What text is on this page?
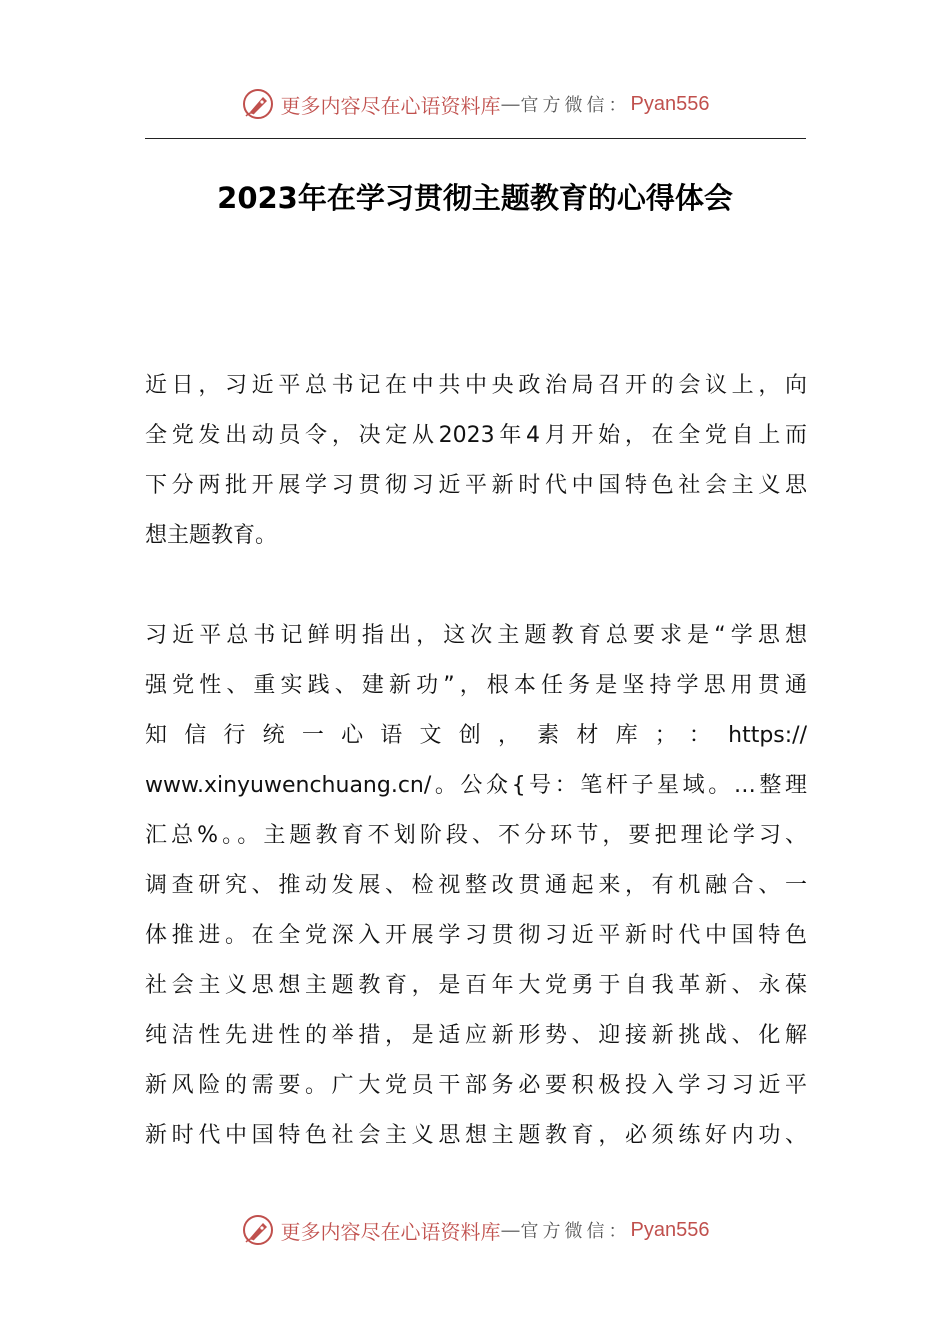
更多内容尽在心语资料库 — 官方微信： Pyan556
2023年在学习贯彻主题教育的心得体会
近日，习近平总书记在中共中央政治局召开的会议上，向
全党发出动员令，决定从2023年4月开始，在全党自上而
下分两批开展学习贯彻习近平新时代中国特色社会主义思
想主题教育。
习近平总书记鲜明指出，这次主题教育总要求是“学思想
强党性、重实践、建新功”，根本任务是坚持学思用贯通
知 信 行 统 一 心 语 文 创 ， 素 材 库 ； ： https://
www.xinyuwenchuang.cn/。公众{号：笔杆子星域。…整理
汇总%。。主题教育不划阶段、不分环节，要把理论学习、
调查研究、推动发展、检视整改贯通起来，有机融合、一
体推进。在全党深入开展学习贯彻习近平新时代中国特色
社会主义思想主题教育，是百年大党勇于自我革新、永葆
纯洁性先进性的举措，是适应新形势、迎接新挑战、化解
新风险的需要。广大党员干部务必要积极投入学习习近平
新时代中国特色社会主义思想主题教育，必须练好内功、
更多内容尽在心语资料库 — 官方微信： Pyan556
